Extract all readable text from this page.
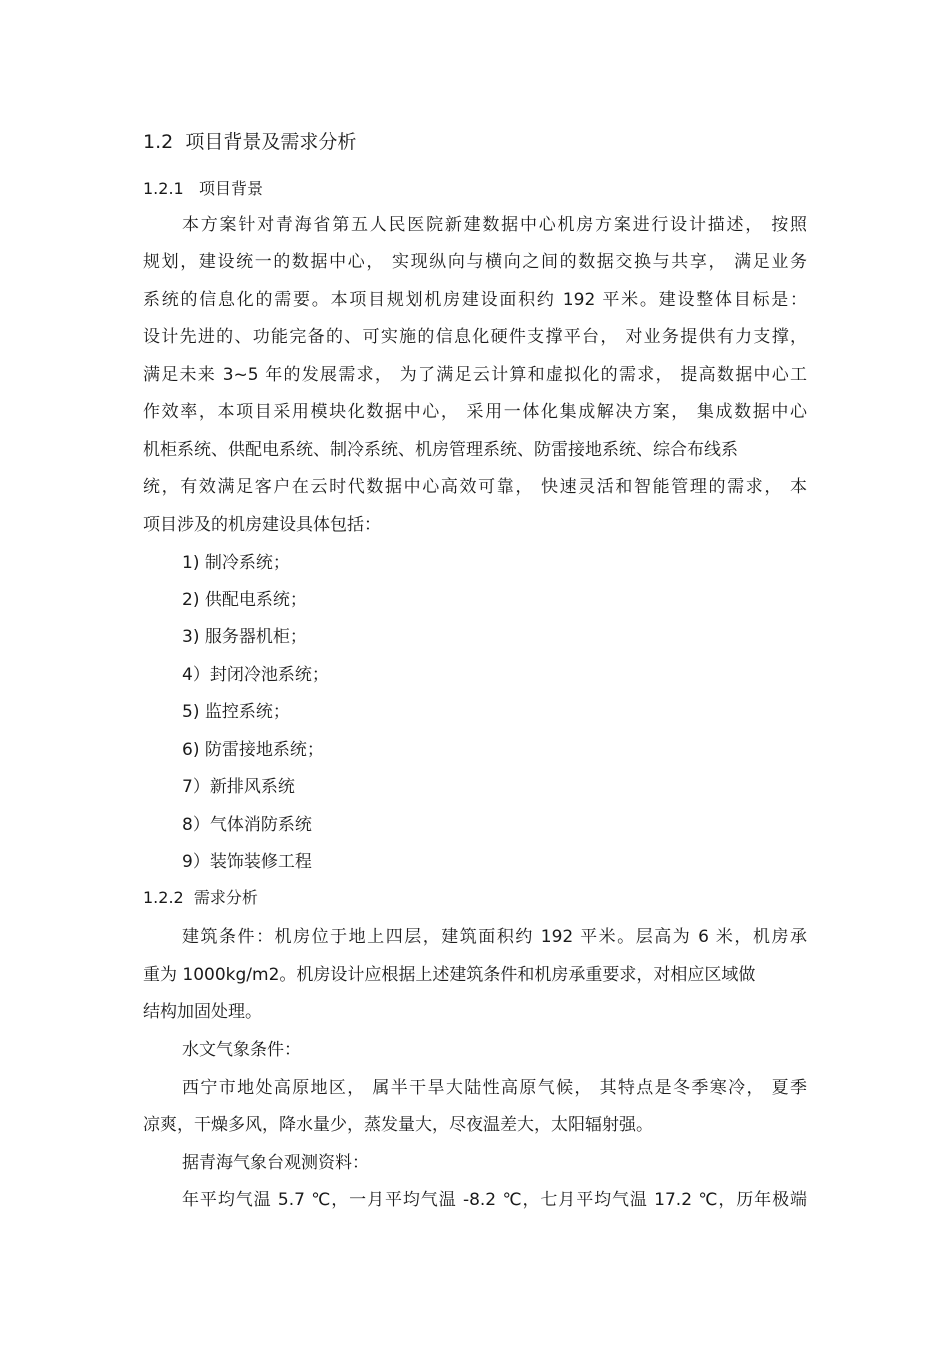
1.2 项目背景及需求分析
1.2.1 项目背景
本方案针对青海省第五人民医院新建数据中心机房方案进行设计描述， 按照
规划，建设统一的数据中心， 实现纵向与横向之间的数据交换与共享， 满足业务
系统的信息化的需要。本项目规划机房建设面积约 192 平米。建设整体目标是：
设计先进的、功能完备的、可实施的信息化硬件支撑平台， 对业务提供有力支撑，
满足未来 3~5 年的发展需求， 为了满足云计算和虚拟化的需求， 提高数据中心工
作效率，本项目采用模块化数据中心， 采用一体化集成解决方案， 集成数据中心
机柜系统、供配电系统、制冷系统、机房管理系统、防雷接地系统、综合布线系
统，有效满足客户在云时代数据中心高效可靠， 快速灵活和智能管理的需求， 本
项目涉及的机房建设具体包括：
1) 制冷系统；
2) 供配电系统；
3) 服务器机柜；
4）封闭冷池系统；
5) 监控系统；
6) 防雷接地系统；
7）新排风系统
8）气体消防系统
9）装饰装修工程
1.2.2 需求分析
建筑条件：机房位于地上四层，建筑面积约 192 平米。层高为 6 米，机房承
重为 1000kg/m2。机房设计应根据上述建筑条件和机房承重要求，对相应区域做
结构加固处理。
水文气象条件：
西宁市地处高原地区， 属半干旱大陆性高原气候， 其特点是冬季寒冷， 夏季
凉爽，干燥多风，降水量少，蒸发量大，尽夜温差大，太阳辐射强。
据青海气象台观测资料：
年平均气温 5.7 ℃，一月平均气温 -8.2 ℃，七月平均气温 17.2 ℃，历年极端
